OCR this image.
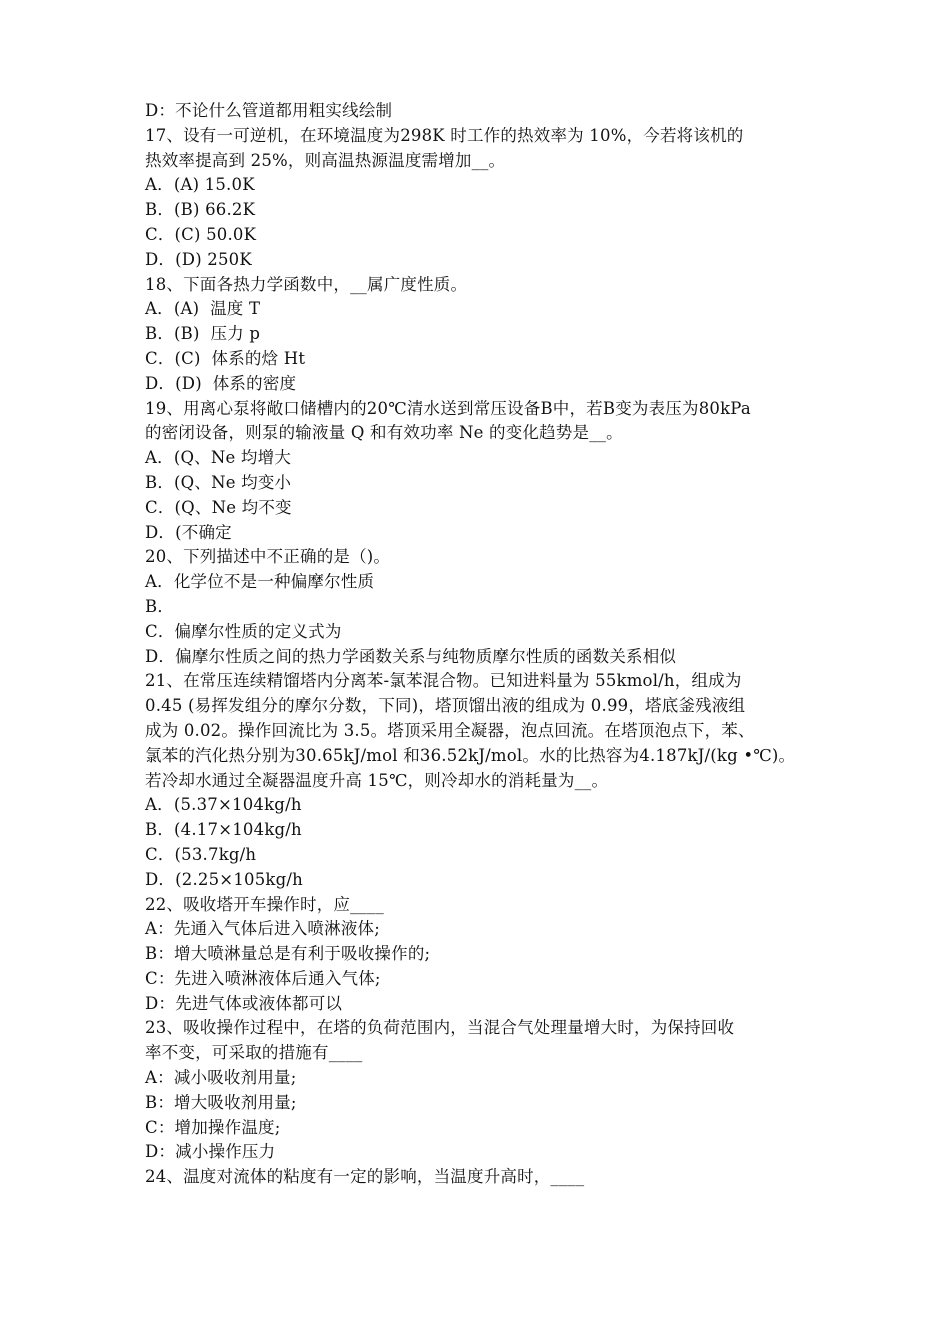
D：不论什么管道都用粗实线绘制
17、设有一可逆机，在环境温度为298K 时工作的热效率为 10%，今若将该机的
热效率提高到 25%，则高温热源温度需增加__。
A．(A) 15.0K
B．(B) 66.2K
C．(C) 50.0K
D．(D) 250K
18、下面各热力学函数中，__属广度性质。
A．(A)  温度 T
B．(B)  压力 p
C．(C)  体系的焓 Ht
D．(D)  体系的密度
19、用离心泵将敞口储槽内的20℃清水送到常压设备B中，若B变为表压为80kPa
的密闭设备，则泵的输液量 Q 和有效功率 Ne 的变化趋势是__。
A．(Q、Ne 均增大
B．(Q、Ne 均变小
C．(Q、Ne 均不变
D．(不确定
20、下列描述中不正确的是（)。
A．化学位不是一种偏摩尔性质
B．
C．偏摩尔性质的定义式为
D．偏摩尔性质之间的热力学函数关系与纯物质摩尔性质的函数关系相似
21、在常压连续精馏塔内分离苯-氯苯混合物。已知进料量为 55kmol/h，组成为
0.45 (易挥发组分的摩尔分数，下同)，塔顶馏出液的组成为 0.99，塔底釜残液组
成为 0.02。操作回流比为 3.5。塔顶采用全凝器，泡点回流。在塔顶泡点下，苯、
氯苯的汽化热分别为30.65kJ/mol 和36.52kJ/mol。水的比热容为4.187kJ/(kg •℃)。
若冷却水通过全凝器温度升高 15℃，则冷却水的消耗量为__。
A．(5.37×104kg/h
B．(4.17×104kg/h
C．(53.7kg/h
D．(2.25×105kg/h
22、吸收塔开车操作时，应____
A：先通入气体后进入喷淋液体;
B：增大喷淋量总是有利于吸收操作的;
C：先进入喷淋液体后通入气体;
D：先进气体或液体都可以
23、吸收操作过程中，在塔的负荷范围内，当混合气处理量增大时，为保持回收
率不变，可采取的措施有____
A：减小吸收剂用量;
B：增大吸收剂用量;
C：增加操作温度;
D：减小操作压力
24、温度对流体的粘度有一定的影响，当温度升高时，____
